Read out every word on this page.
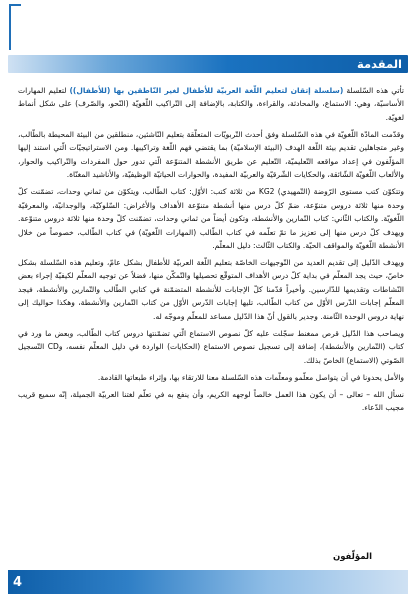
المقدمة

تأتي هذه السّلسلة (سلسلة إتقان لتعليم اللّغة العربيّة للأطفال لغير النّاطقين بها (للأطفال)) لتعليم المهارات الأساسيّة، وهي: الاستماع، والمحادثة، والقراءة، والكتابة، بالإضافة إلى التّراكيب اللّغويّة (النّحو، والصّرف) على شكل أنماط لغويّة.

وقدّمت المادّة اللّغويّة في هذه السّلسلة وفق أحدث التّربويّات المتعلّقة بتعليم النّاشئين، منطلقين من البيئة المحيطة بالطّالب، وغير متجاهلين تقديم بيئة اللّغة الهدف (البيئة الإسلاميّة) بما يقتضي فهم اللّغة وتراكيبها. ومن الاستراتيجيّات الّتي استند إليها المؤلّفون في إعداد مواقعه التّعليميّة، التّعليم عن طريق الأنشطة المتنوّعة الّتي تدور حول المفردات والتّراكيب والحوار، والألعاب اللّغويّة الشّائقة، والحكايات الشّرقيّة والعربيّة المفيدة، والحوارات الحياتيّة الوظيفيّة، والأناشيد المغنّاة.

وتتكوّن كتب مستوى الرّوضة (التّمهيدي) KG2 من ثلاثة كتب: الأوّل: كتاب الطّالب، ويتكوّن من ثماني وحدات، تضمّنت كلّ وحدة منها ثلاثة دروس متنوّعة، ضمّ كلّ درس منها أنشطة متنوّعة الأهداف والأغراض: السّلوكيّة، والوجدانيّة، والمعرفيّة اللّغويّة. والكتاب الثّاني: كتاب التّمارين والأنشطة، وتكون أيضاً من ثماني وحدات، تضمّنت كلّ وحدة منها ثلاثة دروس متنوّعة. ويهدف كلّ درس منها إلى تعزيز ما تمّ تعلّمه في كتاب الطّالب (المهارات اللّغويّة) في كتاب الطّالب، خصوصاً من خلال الأنشطة اللّغويّة والمواقف الحيّة. والكتاب الثّالث: دليل المعلّم.

ويهدف الدّليل إلى تقديم العديد من التّوجيهات الخاصّة بتعليم اللّغة العربيّة للأطفال بشكل عامّ، وتعليم هذه السّلسلة بشكل خاصّ، حيث يجد المعلّم في بداية كلّ درس الأهداف المتوقّع تحصيلها والتّمكّن منها، فضلاً عن توجيه المعلّم لكيفيّة إجراء بعض النّشاطات وتقديمها للدّارسين. وأخيراً قدّمنا كلّ الإجابات للأنشطة المتضمّنة في كتابي الطّالب والتّمارين والأنشطة، فيجد المعلّم إجابات الدّرس الأوّل من كتاب الطّالب، تليها إجابات الدّرس الأوّل من كتاب التّمارين والأنشطة، وهكذا حواليك إلى نهاية دروس الوحدة الثّامنة. وجدير بالقول أنّ هذا الدّليل مساعد للمعلّم وموجّه له.

ويصاحب هذا الدّليل قرص ممغنط سجّلت عليه كلّ نصوص الاستماع الّتي تضمّنتها دروس كتاب الطّالب، وبعض ما ورد في كتاب (التّمارين والأنشطة)، إضافة إلى تسجيل نصوص الاستماع (الحكايات) الواردة في دليل المعلّم نفسه، وCD التّسجيل الصّوتي (الاستماع) الخاصّ بذلك.

والأمل يحدونا في أن يتواصل معلّمو ومعلّمات هذه السّلسلة معنا للارتقاء بها، وإثراء طبعاتها القادمة.

نسأل الله – تعالى – أن يكون هذا العمل خالصاً لوجهه الكريم، وأن ينفع به في تعلّم لغتنا العربيّة الجميلة، إنّه سميع قريب مجيب الدّعاء.

المؤلّفون
4
